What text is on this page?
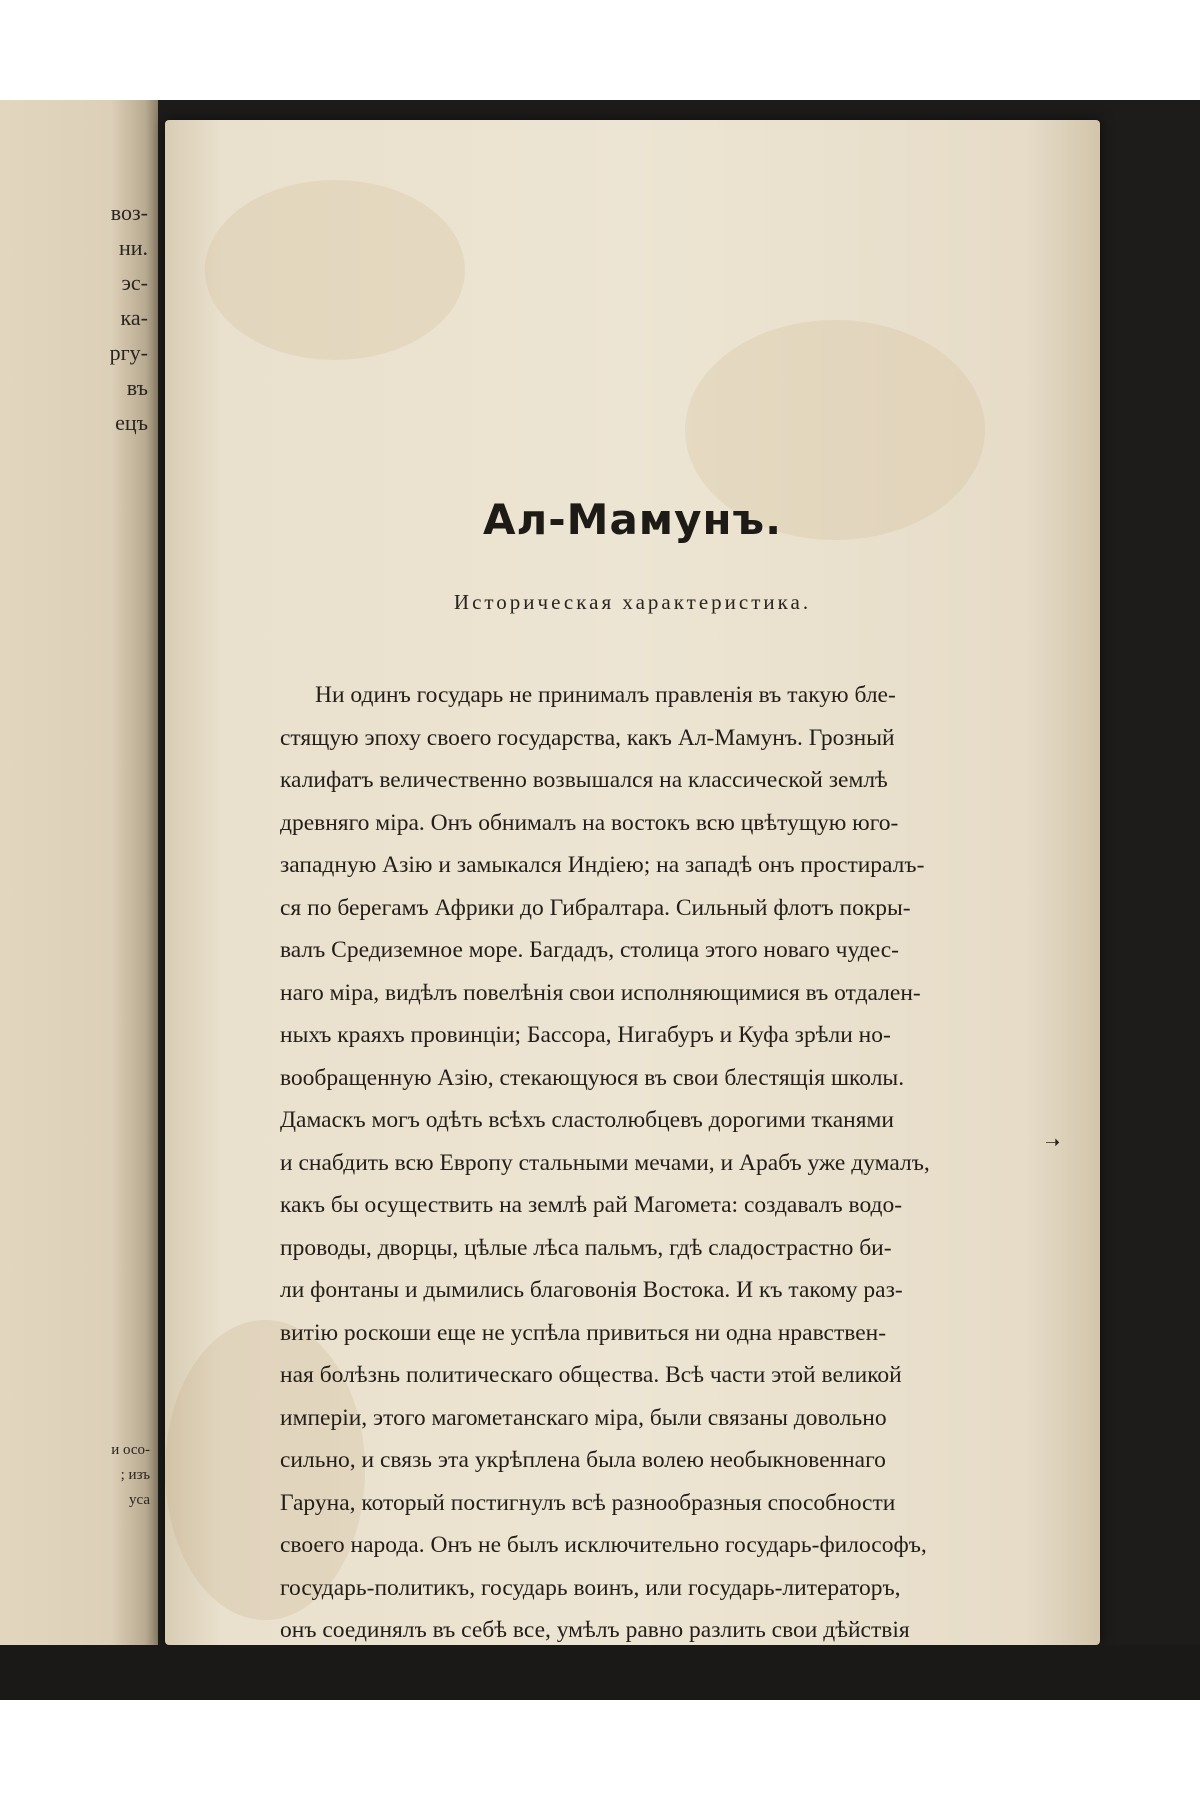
воз-
ни.
эс-
ка-
ргу-
въ
ецъ
и осо-
; изъ
уса
Ал-Мамунъ.
Историческая характеристика.
➝
Ни одинъ государь не принималъ правленія въ такую бле-
стящую эпоху своего государства, какъ Ал-Мамунъ. Грозный
калифатъ величественно возвышался на классической землѣ
древняго міра. Онъ обнималъ на востокъ всю цвѣтущую юго-
западную Азію и замыкался Индіею; на западѣ онъ простиралъ-
ся по берегамъ Африки до Гибралтара. Сильный флотъ покры-
валъ Средиземное море. Багдадъ, столица этого новаго чудес-
наго міра, видѣлъ повелѣнія свои исполняющимися въ отдален-
ныхъ краяхъ провинціи; Бассора, Нигабуръ и Куфа зрѣли но-
вообращенную Азію, стекающуюся въ свои блестящія школы.
Дамаскъ могъ одѣть всѣхъ сластолюбцевъ дорогими тканями
и снабдить всю Европу стальными мечами, и Арабъ уже думалъ,
какъ бы осуществить на землѣ рай Магомета: создавалъ водо-
проводы, дворцы, цѣлые лѣса пальмъ, гдѣ сладострастно би-
ли фонтаны и дымились благовонія Востока. И къ такому раз-
витію роскоши еще не успѣла привиться ни одна нравствен-
ная болѣзнь политическаго общества. Всѣ части этой великой
имперіи, этого магометанскаго міра, были связаны довольно
сильно, и связь эта укрѣплена была волею необыкновеннаго
Гаруна, который постигнулъ всѣ разнообразныя способности
своего народа. Онъ не былъ исключительно государь-философъ,
государь-политикъ, государь воинъ, или государь-литераторъ,
онъ соединялъ въ себѣ все, умѣлъ равно разлить свои дѣйствія
